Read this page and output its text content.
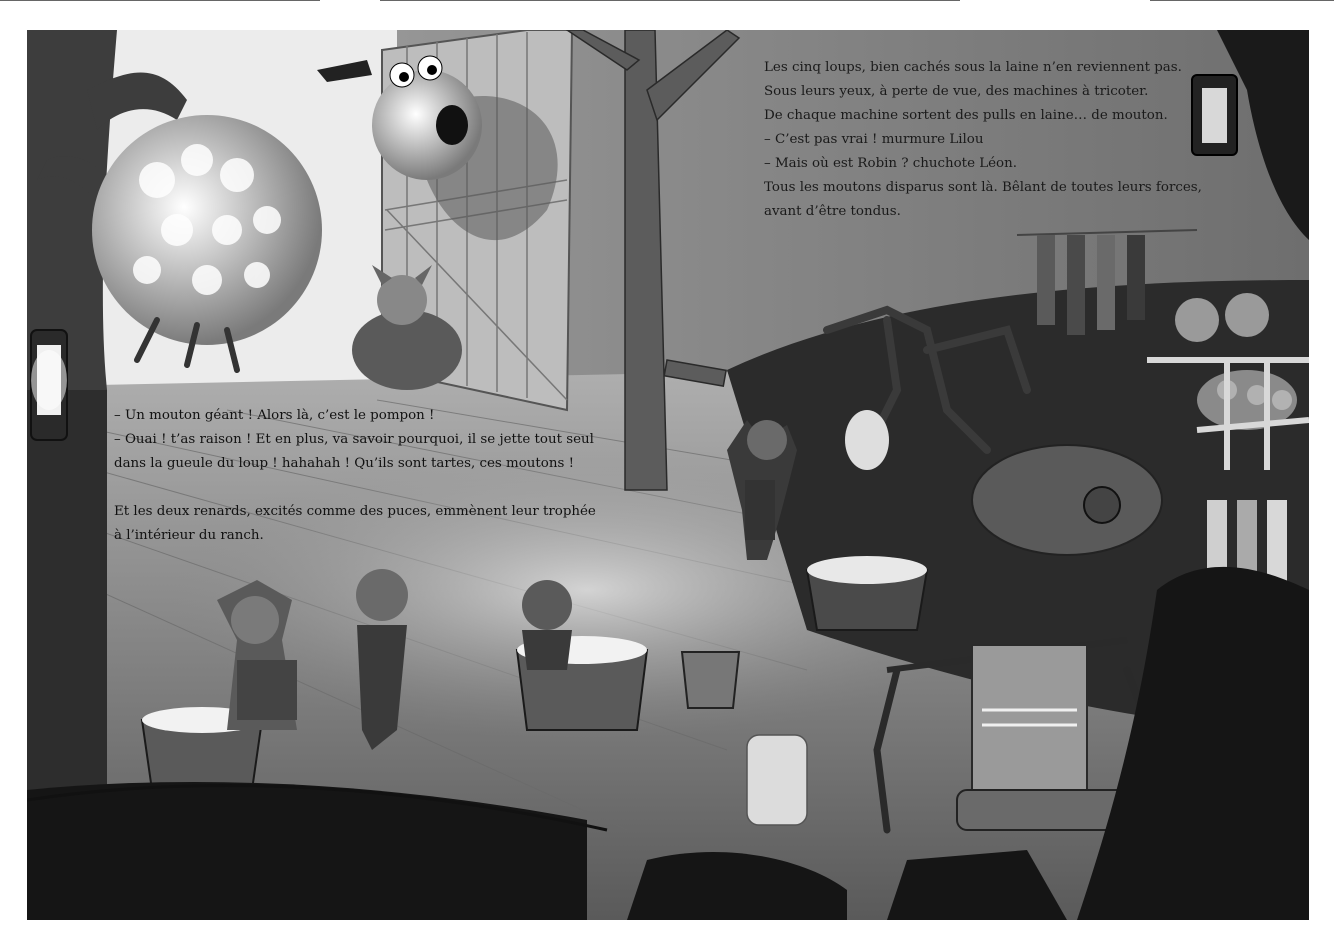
Les cinq loups, bien cachés sous la laine n’en reviennent pas.

Sous leurs yeux, à perte de vue, des machines à tricoter.

De chaque machine sortent des pulls en laine… de mouton.

– C’est pas vrai ! murmure Lilou

– Mais où est Robin ? chuchote Léon.

Tous les moutons disparus sont là. Bêlant de toutes leurs forces,

avant d’être tondus.

– Un mouton géant ! Alors là, c’est le pompon !

– Ouai ! t’as raison ! Et en plus, va savoir pourquoi, il se jette tout seul

dans la gueule du loup ! hahahah ! Qu’ils sont tartes, ces moutons !

Et les deux renards, excités comme des puces, emmènent leur trophée

à l’intérieur du ranch.
